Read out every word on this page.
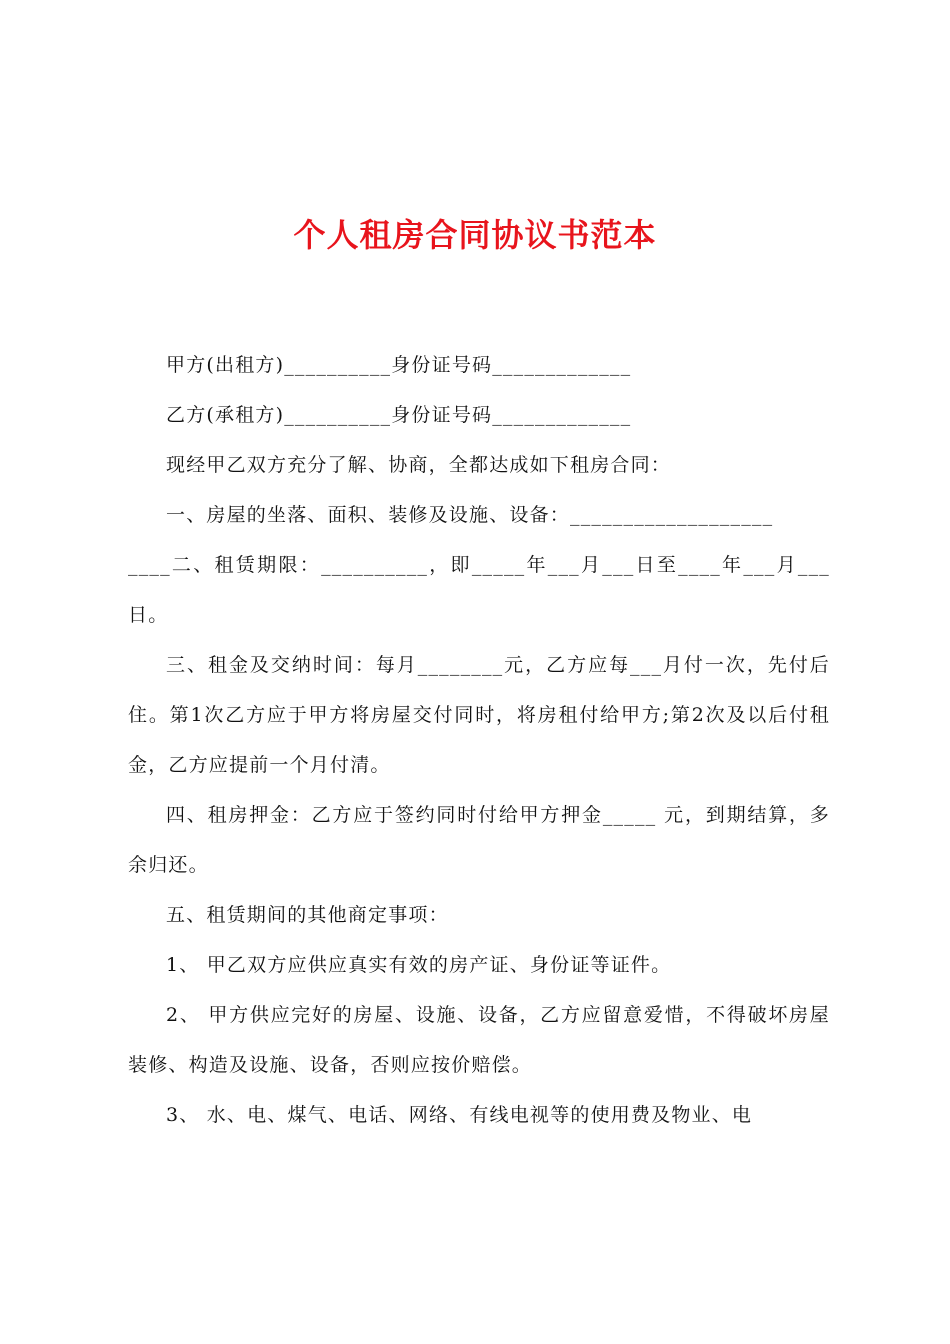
个人租房合同协议书范本

甲方(出租方)__________身份证号码_____________

乙方(承租方)__________身份证号码_____________

现经甲乙双方充分了解、协商，全都达成如下租房合同：

一、房屋的坐落、面积、装修及设施、设备：___________________

____二、租赁期限：__________，即_____年___月___日至____年___月___日。

三、租金及交纳时间：每月________元，乙方应每___月付一次，先付后住。第1次乙方应于甲方将房屋交付同时，将房租付给甲方;第2次及以后付租金，乙方应提前一个月付清。

四、租房押金：乙方应于签约同时付给甲方押金_____ 元，到期结算，多余归还。

五、租赁期间的其他商定事项：

1、 甲乙双方应供应真实有效的房产证、身份证等证件。

2、 甲方供应完好的房屋、设施、设备，乙方应留意爱惜，不得破坏房屋装修、构造及设施、设备，否则应按价赔偿。

3、 水、电、煤气、电话、网络、有线电视等的使用费及物业、电
